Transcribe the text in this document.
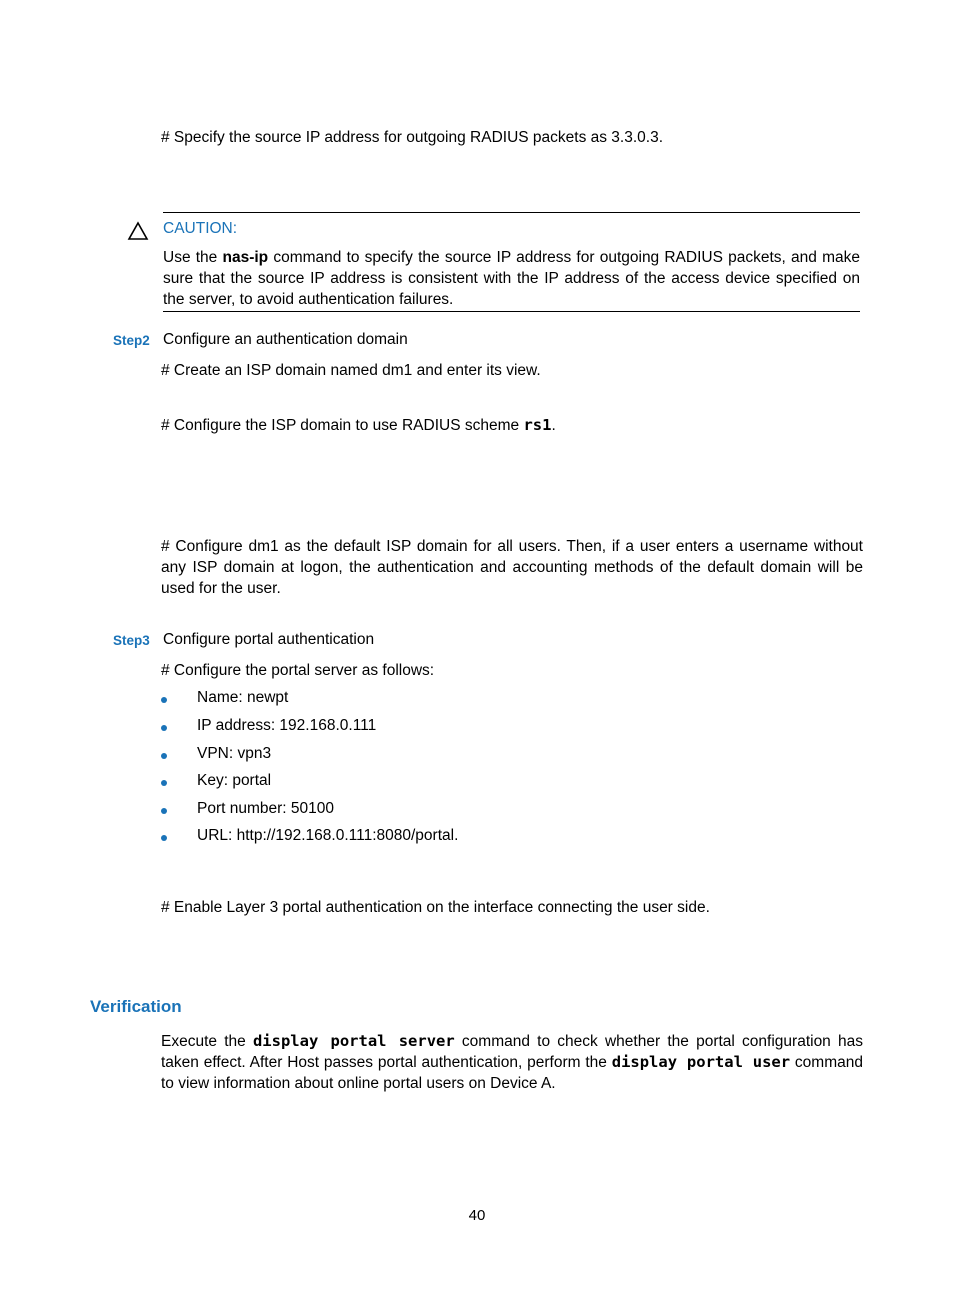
# Specify the source IP address for outgoing RADIUS packets as 3.3.0.3.
CAUTION:
Use the nas-ip command to specify the source IP address for outgoing RADIUS packets, and make sure that the source IP address is consistent with the IP address of the access device specified on the server, to avoid authentication failures.
Step2 Configure an authentication domain
# Create an ISP domain named dm1 and enter its view.
# Configure the ISP domain to use RADIUS scheme rs1.
# Configure dm1 as the default ISP domain for all users. Then, if a user enters a username without any ISP domain at logon, the authentication and accounting methods of the default domain will be used for the user.
Step3 Configure portal authentication
# Configure the portal server as follows:
Name: newpt
IP address: 192.168.0.111
VPN: vpn3
Key: portal
Port number: 50100
URL: http://192.168.0.111:8080/portal.
# Enable Layer 3 portal authentication on the interface connecting the user side.
Verification
Execute the display portal server command to check whether the portal configuration has taken effect. After Host passes portal authentication, perform the display portal user command to view information about online portal users on Device A.
40
